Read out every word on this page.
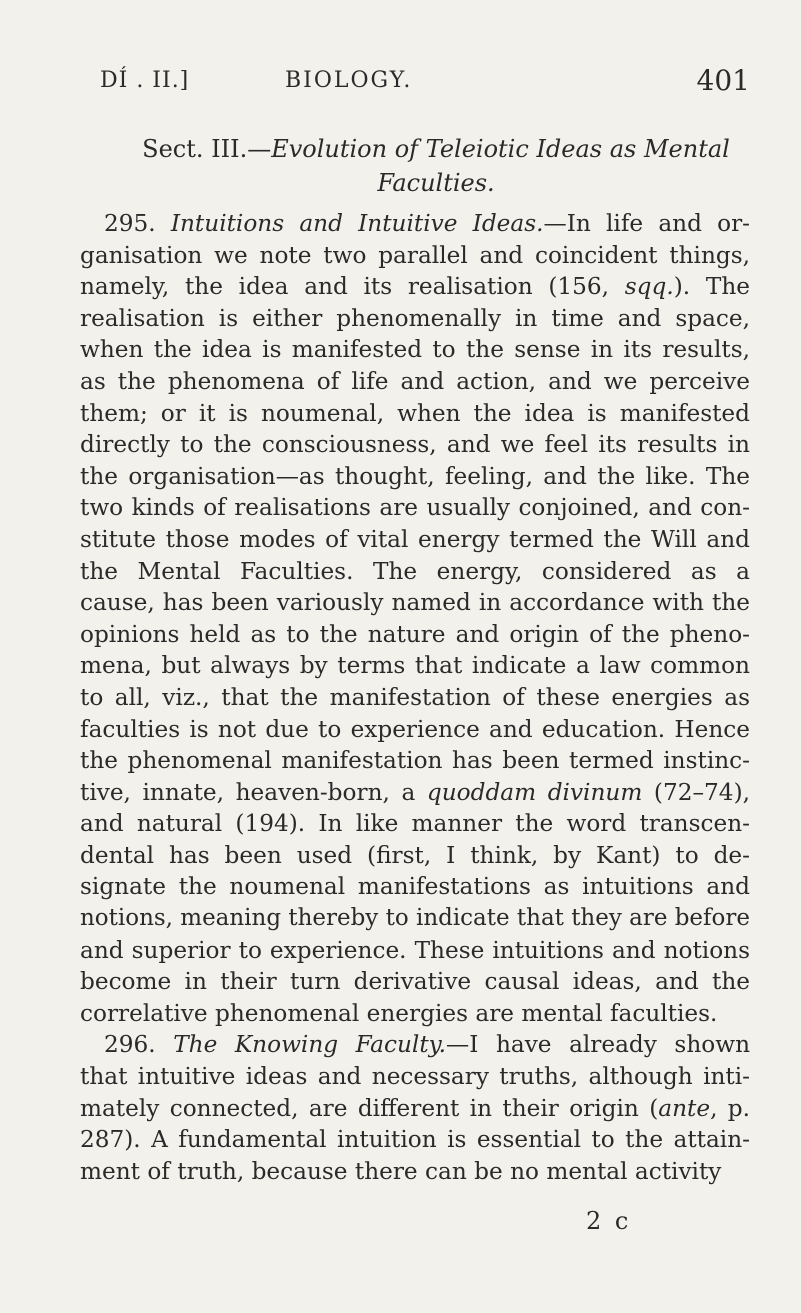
DÍ . II.]	BIOLOGY.	401
Sect. III.—Evolution of Teleiotic Ideas as Mental
Faculties.
295. Intuitions and Intuitive Ideas.—In life and or-
ganisation we note two parallel and coincident things,
namely, the idea and its realisation (156, sqq.). The
realisation is either phenomenally in time and space,
when the idea is manifested to the sense in its results,
as the phenomena of life and action, and we perceive
them; or it is noumenal, when the idea is manifested
directly to the consciousness, and we feel its results in
the organisation—as thought, feeling, and the like. The
two kinds of realisations are usually conjoined, and con-
stitute those modes of vital energy termed the Will and
the Mental Faculties. The energy, considered as a
cause, has been variously named in accordance with the
opinions held as to the nature and origin of the pheno-
mena, but always by terms that indicate a law common
to all, viz., that the manifestation of these energies as
faculties is not due to experience and education. Hence
the phenomenal manifestation has been termed instinc-
tive, innate, heaven-born, a quoddam divinum (72–74),
and natural (194). In like manner the word transcen-
dental has been used (first, I think, by Kant) to de-
signate the noumenal manifestations as intuitions and
notions, meaning thereby to indicate that they are before
and superior to experience. These intuitions and notions
become in their turn derivative causal ideas, and the
correlative phenomenal energies are mental faculties.
296. The Knowing Faculty.—I have already shown
that intuitive ideas and necessary truths, although inti-
mately connected, are different in their origin (ante, p.
287). A fundamental intuition is essential to the attain-
ment of truth, because there can be no mental activity
2 c
